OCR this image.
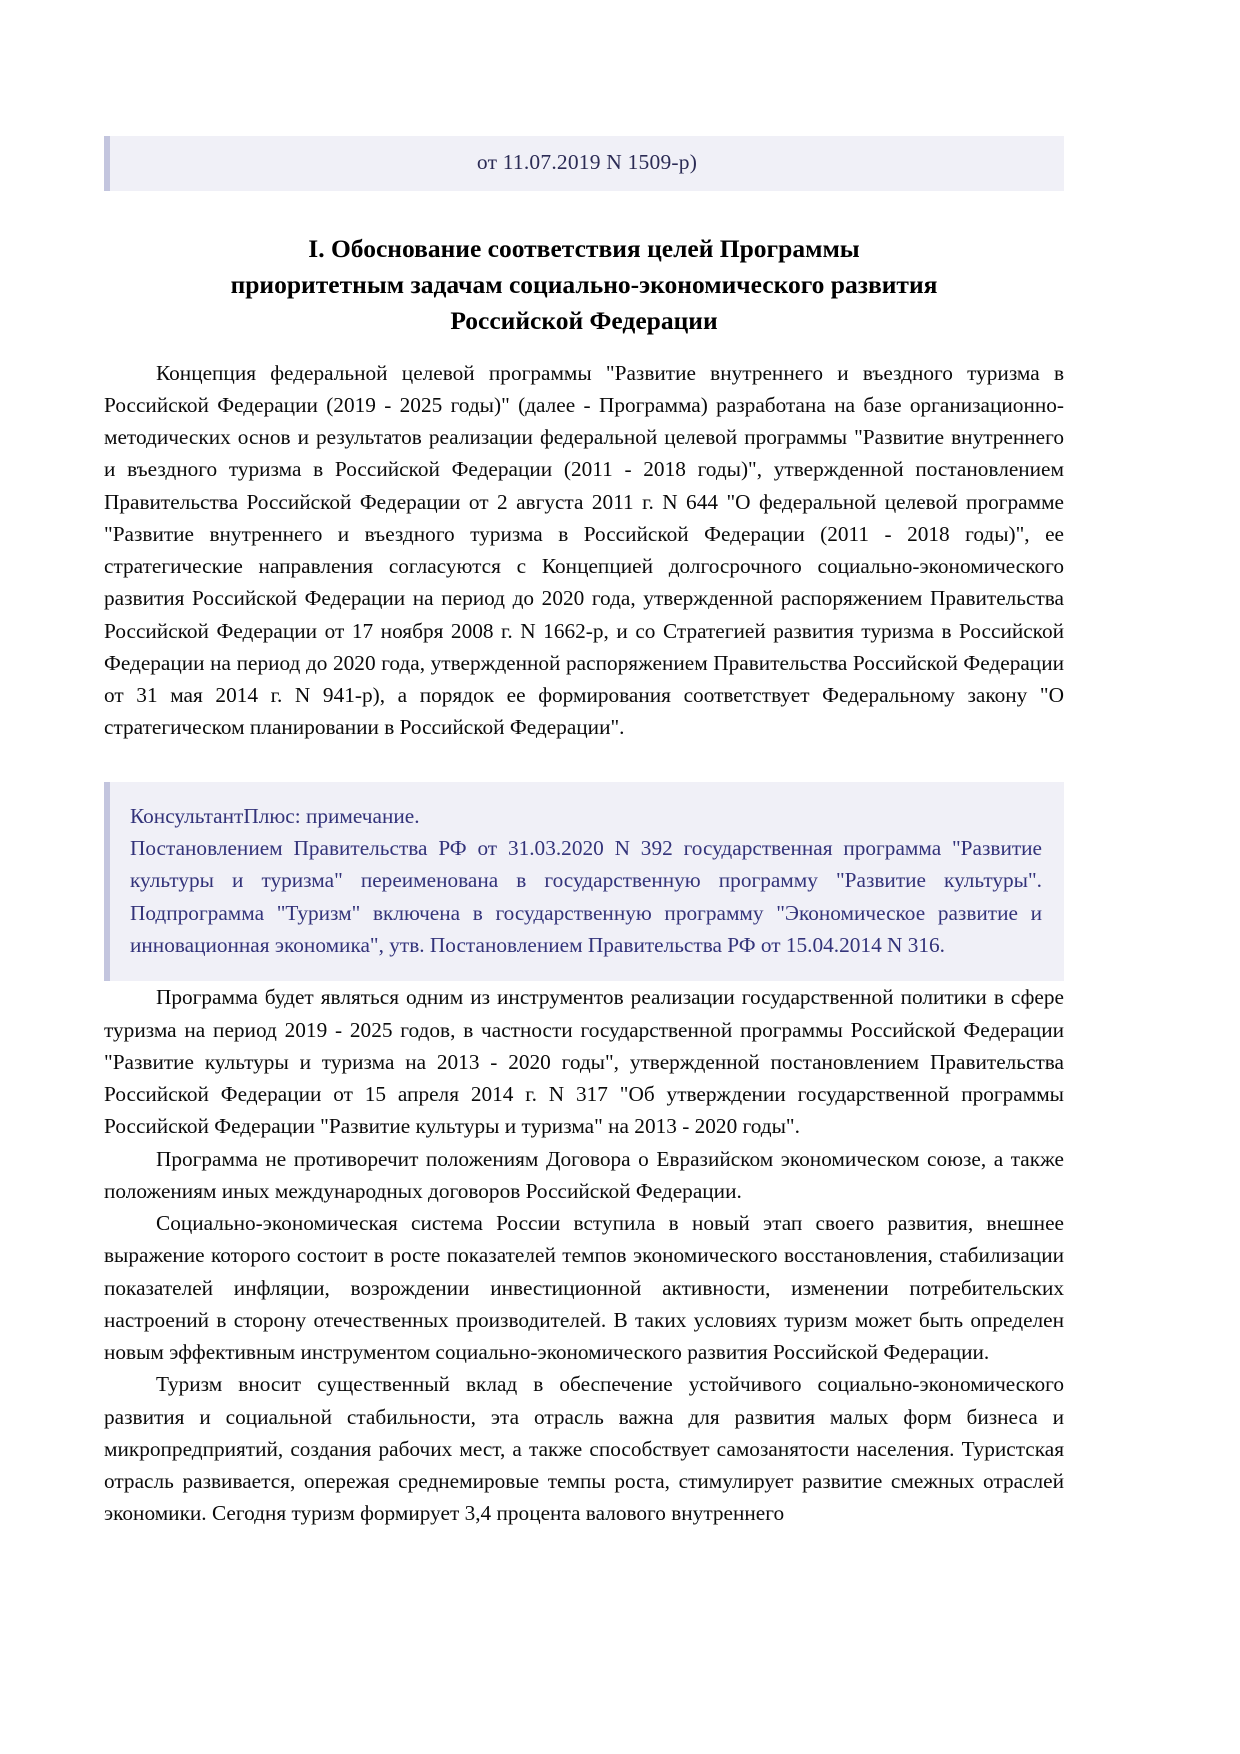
от 11.07.2019 N 1509-р)
I. Обоснование соответствия целей Программы
приоритетным задачам социально-экономического развития
Российской Федерации

Концепция федеральной целевой программы "Развитие внутреннего и въездного туризма в Российской Федерации (2019 - 2025 годы)" (далее - Программа) разработана на базе организационно-методических основ и результатов реализации федеральной целевой программы "Развитие внутреннего и въездного туризма в Российской Федерации (2011 - 2018 годы)", утвержденной постановлением Правительства Российской Федерации от 2 августа 2011 г. N 644 "О федеральной целевой программе "Развитие внутреннего и въездного туризма в Российской Федерации (2011 - 2018 годы)", ее стратегические направления согласуются с Концепцией долгосрочного социально-экономического развития Российской Федерации на период до 2020 года, утвержденной распоряжением Правительства Российской Федерации от 17 ноября 2008 г. N 1662-р, и со Стратегией развития туризма в Российской Федерации на период до 2020 года, утвержденной распоряжением Правительства Российской Федерации от 31 мая 2014 г. N 941-р), а порядок ее формирования соответствует Федеральному закону "О стратегическом планировании в Российской Федерации".

КонсультантПлюс: примечание.

Постановлением Правительства РФ от 31.03.2020 N 392 государственная программа "Развитие культуры и туризма" переименована в государственную программу "Развитие культуры". Подпрограмма "Туризм" включена в государственную программу "Экономическое развитие и инновационная экономика", утв. Постановлением Правительства РФ от 15.04.2014 N 316.

Программа будет являться одним из инструментов реализации государственной политики в сфере туризма на период 2019 - 2025 годов, в частности государственной программы Российской Федерации "Развитие культуры и туризма на 2013 - 2020 годы", утвержденной постановлением Правительства Российской Федерации от 15 апреля 2014 г. N 317 "Об утверждении государственной программы Российской Федерации "Развитие культуры и туризма" на 2013 - 2020 годы".

Программа не противоречит положениям Договора о Евразийском экономическом союзе, а также положениям иных международных договоров Российской Федерации.

Социально-экономическая система России вступила в новый этап своего развития, внешнее выражение которого состоит в росте показателей темпов экономического восстановления, стабилизации показателей инфляции, возрождении инвестиционной активности, изменении потребительских настроений в сторону отечественных производителей. В таких условиях туризм может быть определен новым эффективным инструментом социально-экономического развития Российской Федерации.

Туризм вносит существенный вклад в обеспечение устойчивого социально-экономического развития и социальной стабильности, эта отрасль важна для развития малых форм бизнеса и микропредприятий, создания рабочих мест, а также способствует самозанятости населения. Туристская отрасль развивается, опережая среднемировые темпы роста, стимулирует развитие смежных отраслей экономики. Сегодня туризм формирует 3,4 процента валового внутреннего
